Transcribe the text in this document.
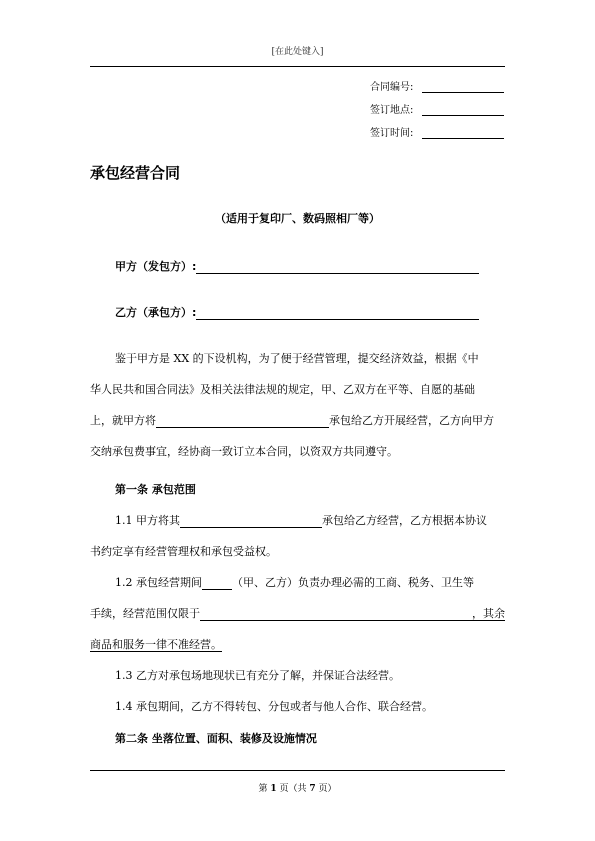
[在此处键入]
合同编号:
签订地点:
签订时间:
承包经营合同
（适用于复印厂、数码照相厂等）
甲方（发包方）:
乙方（承包方）:
鉴于甲方是 XX 的下设机构，为了便于经营管理，提交经济效益，根据《中
华人民共和国合同法》及相关法律法规的规定，甲、乙双方在平等、自愿的基础
上，就甲方将	承包给乙方开展经营，乙方向甲方
交纳承包费事宜，经协商一致订立本合同，以资双方共同遵守。
第一条 承包范围
1.1 甲方将其	承包给乙方经营，乙方根据本协议
书约定享有经营管理权和承包受益权。
1.2 承包经营期间	（甲、乙方）负责办理必需的工商、税务、卫生等
手续，经营范围仅限于	，其余
商品和服务一律不准经营。
1.3 乙方对承包场地现状已有充分了解，并保证合法经营。
1.4 承包期间，乙方不得转包、分包或者与他人合作、联合经营。
第二条 坐落位置、面积、装修及设施情况
第 1 页（共 7 页）
